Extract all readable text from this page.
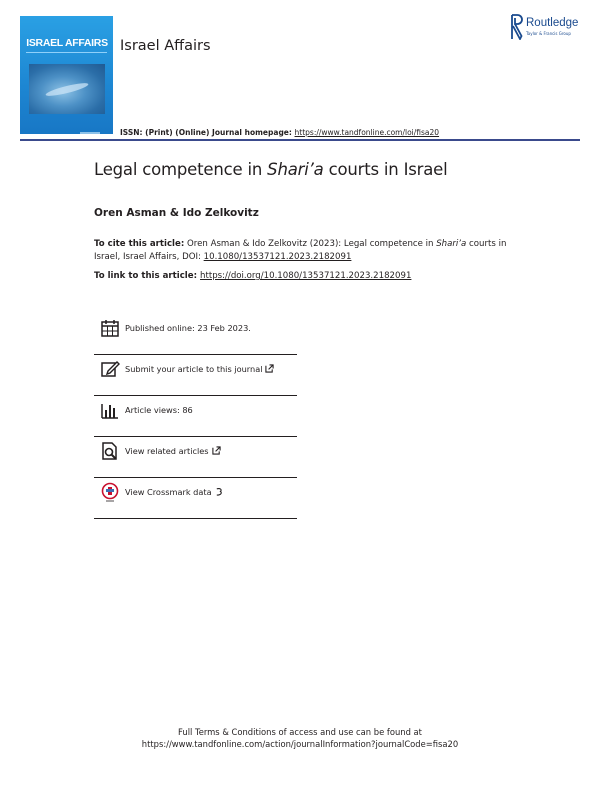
ISRAEL AFFAIRS Israel Affairs
Routledge
Taylor & Francis Group
ISSN: (Print) (Online) Journal homepage: https://www.tandfonline.com/loi/fisa20
Legal competence in Shari’a courts in Israel
Oren Asman & Ido Zelkovitz
To cite this article: Oren Asman & Ido Zelkovitz (2023): Legal competence in Shari’a courts in Israel, Israel Affairs, DOI: 10.1080/13537121.2023.2182091
To link to this article: https://doi.org/10.1080/13537121.2023.2182091
Published online: 23 Feb 2023.
Submit your article to this journal
Article views: 86
View related articles
View Crossmark data
Full Terms & Conditions of access and use can be found at
https://www.tandfonline.com/action/journalInformation?journalCode=fisa20
